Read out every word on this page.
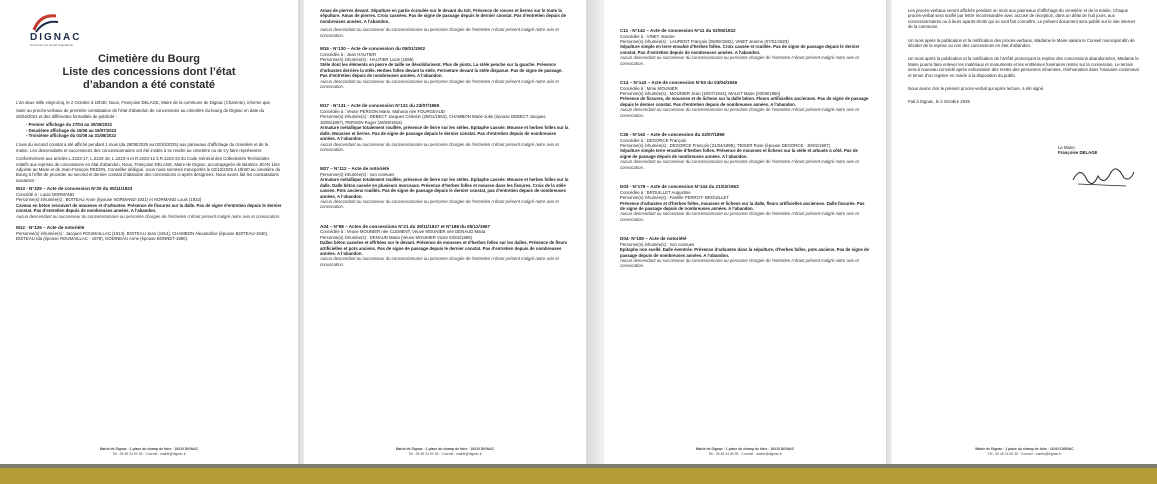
DIGNAC
Commune du Grand Angoulême
Cimetière du Bourg
Liste des concessions dont l’état
d’abandon a été constaté

L’an deux mille vingt-cinq, le 2 Octobre à 10h30, Nous, Françoise DELAGE, Maire de la commune de Dignac (Charente), informe que,

Suite au procès-verbaux de première constatation de l’état d’abandon de concessions au cimetière du bourg de Dignac en date du 26/04/2022 et des différentes formalités de publicité :

- Premier affichage du 27/04 au 30/05/2022

- Deuxième affichage du 16/06 au 15/07/2022

- Troisième affichage du 01/08 au 31/08/2022

L’avis du second constat a été affiché pendant 1 mois (du 28/08/2025 au 02/10/2025) aux panneaux d’affichage du cimetière et de la mairie. Les descendants et successeurs des concessionnaires ont été invités à se rendre au cimetière ou de s’y faire représenter.

Conformément aux articles L.2223-17, L.2223-18, L.2223-4 et R.2223-12 à R.2223-23 du Code Général des Collectivités Territoriales relatifs aux reprises de concessions en état d’abandon, Nous, Françoise DELAGE, Maire de Dignac, accompagnée de Béatrice JEAN 1ère Adjointe au Maire et de Jean-François REDON, Conseiller délégué, nous nous sommes transportés le 02/10/2025 à 15h00 au cimetière du Bourg à l’effet de procéder au second et dernier constat d’abandon des concessions ci-après désignées. Nous avons fait les constatations suivantes :

M13 - N°325 – Acte de concession N°20 du 05/11/1923

Concédé à : Louis NORMAND

Personne(s) inhumée(s) : BOITEAU Anne (épouse NORMAND-1931) et NORMAND Louis (1932)

Caveau en béton recouvert de mousses et d’arbustes. Présence de fissures sur la dalle. Pas de signe d’entretien depuis le dernier constat. Pas d’entretien depuis de nombreuses années. A l’abandon.

Aucun descendant ou successeur du concessionnaire ou personne chargée de l’entretien n’étant présent malgré notre avis et convocation.

M12 - N°126 – Acte de notoriété

Personne(s) inhumée(s) : Jacques ROUMAILLAC (1913), BOITEAU Jean (1914), CHAMBON Alexandrine (épouse BOITEAU-1940), BOITEAU Ida (épouse ROUMAILLAC - 1978), GODINEAU Anne (épouse BONNET-1990).

Mairie de Dignac · 1 place du champ de foire · 16410 DIGNAC
Tél : 05 45 24 50 35 · Courriel : mairie@dignac.fr

Amas de pierres devant. Sépulture en partie écroulée sur le devant du toit. Présence de ronces et lierres sur le toute la sépulture. Amas de pierres. Croix cassées. Pas de signe de passage depuis le dernier constat. Pas d’entretien depuis de nombreuses années. A l’abandon.

Aucun descendant ou successeur du concessionnaire ou personne chargée de l’entretien n’étant présent malgré notre avis et convocation.

M16 - N°130 – Acte de concession du 05/01/1902

Concédée à : Jean HAUTIER

Personne(s) inhumée(s) : HAUTIER Lucie (1896)

Stèle dont les éléments en pierre de taille se désolidarisent. Plus de joints. La stèle penche sur la gauche. Présence d’arbustes derrière la stèle. Herbes folles devant la stèle. Fermeture devant la stèle disparue. Pas de signe de passage. Pas d’entretien depuis de nombreuses années. A l’abandon.

Aucun descendant ou successeur du concessionnaire ou personne chargée de l’entretien n’étant présent malgré notre avis et convocation.

M17 - N°131 – Acte de concession N°131 du 23/07/1869

Concédée à : Veuve PERSON Marie, Mahona née FOURGEAUD

Personne(s) inhumée(s) : DEBECT Jacques Célestin (28/01/1854), CHAMBON Marie-Julie (épouse DEBECT Jacques 18/05/1897), PERSON Roger (28/09/1915)

Armature métallique totalement rouillée, présence de lierre sur les stèles. Epitaphe cassée. Mousse et herbes folles sur la dalle. Mousses et lierres. Pas de signe de passage depuis le dernier constat. Pas d’entretien depuis de nombreuses années. A l’abandon.

Aucun descendant ou successeur du concessionnaire ou personne chargée de l’entretien n’étant présent malgré notre avis et convocation.

M27 – N°112 – Acte de notoriété

Personne(s) inhumée(s) : non connues

Armature métallique totalement rouillée, présence de lierre sur les stèles. Epitaphe cassée. Mousse et herbes folles sur la dalle. Dalle béton cassée en plusieurs morceaux. Présence d’herbes folles et mousse dans les fissures. Croix de la stèle cassée. Pots anciens rouillés. Pas de signe de passage depuis le dernier constat, pas d’entretien depuis de nombreuses années. A l’abandon.

Aucun descendant ou successeur du concessionnaire ou personne chargée de l’entretien n’étant présent malgré notre avis et convocation.

A04 – N°98 – Actes de concessions N°21 du 29/11/1927 et N°188 du 05/12/1967

Concédée à : Veuve MOUNIER née CLEMENT, Veuve MOUNIER née DENAUD Maria

Personne(s) inhumée(s) : DENAUD Maria (Veuve MOUNIER Victor 03/02/1996)

Dalles béton cassées et effritées sur le devant. Présence de mousses et d’herbes folles sur les dalles. Présence de fleurs artificielles et pots anciens. Pas de signe de passage depuis le dernier constat. Pas d’entretien depuis de nombreuses années. A l’abandon.

Aucun descendant ou successeur du concessionnaire ou personne chargée de l’entretien n’étant présent malgré notre avis et convocation.

Mairie de Dignac · 1 place du champ de foire · 16410 DIGNAC
Tél : 05 45 24 50 35 · Courriel : mairie@dignac.fr

C11 - N°142 – Acte de concession N°11 du 02/06/1922

Concédée à : VINET Jeanne

Personne(s) inhumée(s) : LAURENT François (06/08/1932), VINET Jeanne (07/01/1923)

Sépulture simple en terre envahie d’herbes folles. Croix cassée et rouillée. Pas de signe de passage depuis le dernier constat. Pas d’entretien depuis de nombreuses années. A l’abandon.

Aucun descendant ou successeur du concessionnaire ou personne chargée de l’entretien n’étant présent malgré notre avis et convocation.

C14 – N°143 – Acte de concession N°63 du 03/04/1946

Concédée à : Mme MOUNIER

Personne(s) inhumée(s) : MOUNIER Jean (19/07/1944), MALET Marie (03/06/1950)

Présence de fissures, de mousses et de lichens sur la dalle béton. Fleurs artificielles anciennes. Pas de signe de passage depuis le dernier constat. Pas d’entretien depuis de nombreuses années. A l’abandon.

Aucun descendant ou successeur du concessionnaire ou personne chargée de l’entretien n’étant présent malgré notre avis et convocation.

C26 - N°162 – Acte de concession du 23/07/1869

Concédée à : DEGORCE François

Personne(s) inhumée(s) : DEGORCE François (21/04/1899), TEXIER Rose (épouse DEGORCE - 30/02/1907)

Sépulture simple terre envahie d’herbes folles. Présence de mousses et lichens sur la stèle et arbuste à côté. Pas de signe de passage depuis de nombreuses années. A l’abandon.

Aucun descendant ou successeur du concessionnaire ou personne chargée de l’entretien n’étant présent malgré notre avis et convocation.

D03 - N°179 – Acte de concession N°144 du 21/02/1963

Concédée à : BROUILLET Augustine

Personne(s) inhumée(s) : Famille PERROT- BROUILLET

Présence d’arbustes et d’herbes folles, mousses et lichens sur la dalle, fleurs artificielles anciennes. Dalle fissurée. Pas de signe de passage depuis de nombreuses années. A l’abandon.

Aucun descendant ou successeur du concessionnaire ou personne chargée de l’entretien n’étant présent malgré notre avis et convocation.

D04- N°180 – Acte de notoriété

Personne(s) inhumée(s) : non connues

Epitaphe non scellé. Dalle éventrée. Présence d’arbustes dans la sépulture, d’herbes folles, pots anciens. Pas de signe de passage depuis de nombreuses années. A l’abandon.

Aucun descendant ou successeur du concessionnaire ou personne chargée de l’entretien n’étant présent malgré notre avis et convocation.

Mairie de Dignac · 1 place du champ de foire · 16410 DIGNAC
Tél : 05 45 24 50 35 · Courriel : mairie@dignac.fr

Les procès-verbaux seront affichés pendant un mois aux panneaux d’affichage du cimetière et de la mairie. Chaque procès-verbal sera notifié par lettre recommandée avec accusé de réception, dans un délai de huit jours, aux concessionnaires ou à leurs ayants-droits qui se sont fait connaître. Le présent document sera publié sur le site internet de la commune.

Un mois après la publication et la notification des procès-verbaux, Madame le Maire saisira le Conseil municipal afin de décider de la reprise ou non des concessions en état d’abandon.

Un mois après la publication et la notification de l’arrêté prononçant la reprise des concessions abandonnées, Madame le Maire pourra faire enlever les matériaux et monuments et les emblèmes funéraires restés sur la concession. Le terrain sera à nouveau concédé après exhumation des restes des personnes inhumées, réinhumation dans l’ossuaire communal et tenue d’un registre en mairie à la disposition du public.

Nous avons clos le présent procès-verbal qui après lecture, a été signé.

Fait à Dignac, le 2 Octobre 2025

Le Maire,

Françoise DELAGE

Mairie de Dignac · 1 place du champ de foire · 16410 DIGNAC
Tél : 05 45 24 50 35 · Courriel : mairie@dignac.fr
